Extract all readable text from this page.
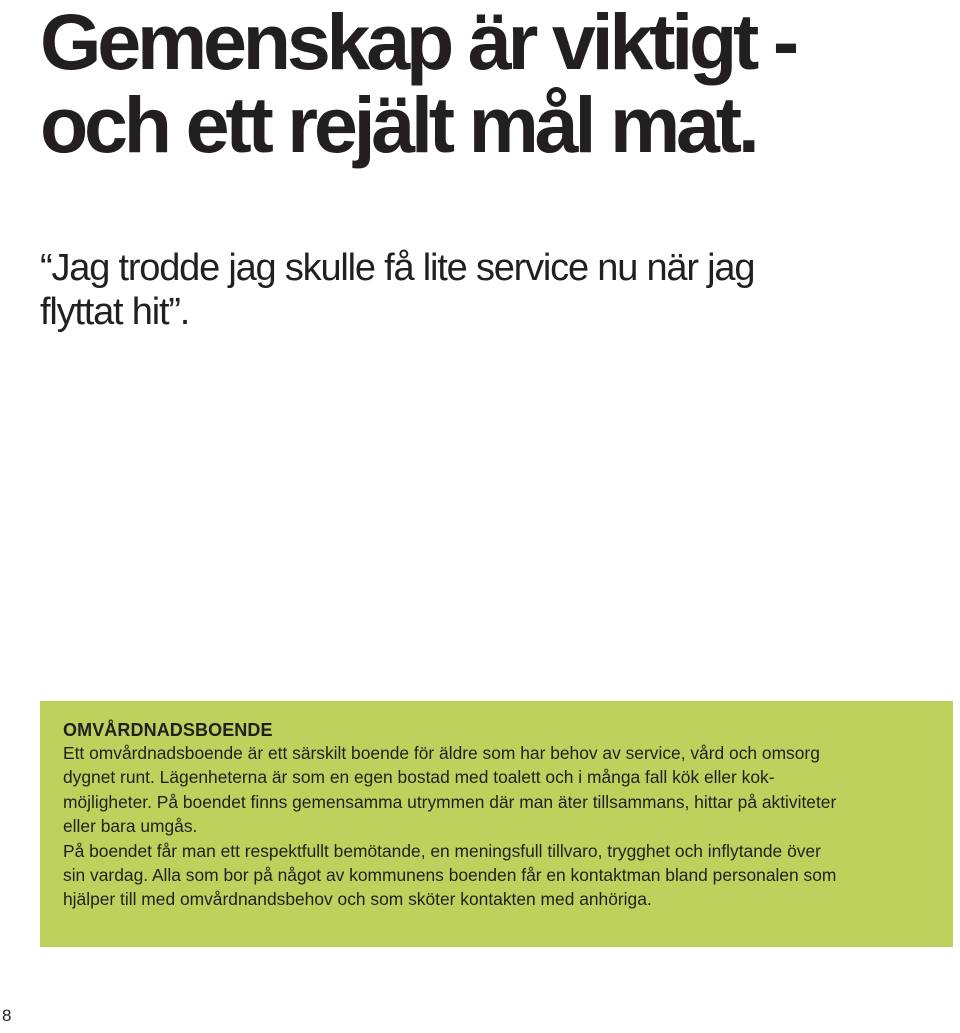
Gemenskap är viktigt -
och ett rejält mål mat.

“Jag trodde jag skulle få lite service nu när jag
flyttat hit”.

OMVÅRDNADSBOENDE

Ett omvårdnadsboende är ett särskilt boende för äldre som har behov av service, vård och omsorg
dygnet runt. Lägenheterna är som en egen bostad med toalett och i många fall kök eller kok-
möjligheter. På boendet finns gemensamma utrymmen där man äter tillsammans, hittar på aktiviteter
eller bara umgås.
På boendet får man ett respektfullt bemötande, en meningsfull tillvaro, trygghet och inflytande över
sin vardag. Alla som bor på något av kommunens boenden får en kontaktman bland personalen som
hjälper till med omvårdnandsbehov och som sköter kontakten med anhöriga.

8
